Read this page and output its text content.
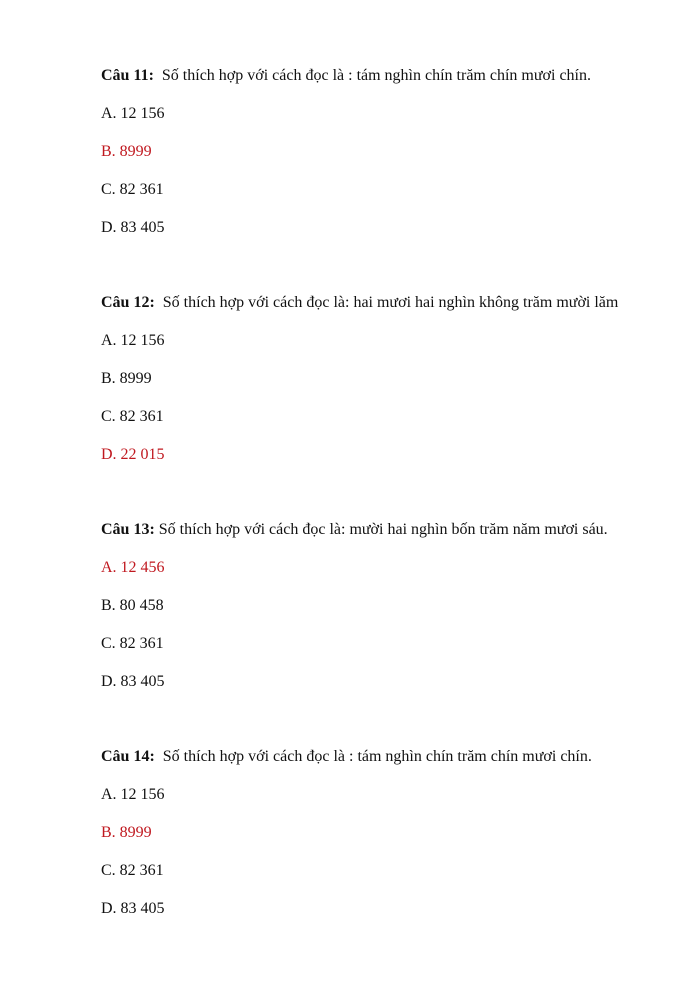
Câu 11: Số thích hợp với cách đọc là : tám nghìn chín trăm chín mươi chín.
A. 12 156
B. 8999
C. 82 361
D. 83 405
Câu 12: Số thích hợp với cách đọc là: hai mươi hai nghìn không trăm mười lăm
A. 12 156
B. 8999
C. 82 361
D. 22 015
Câu 13: Số thích hợp với cách đọc là: mười hai nghìn bốn trăm năm mươi sáu.
A. 12 456
B. 80 458
C. 82 361
D. 83 405
Câu 14: Số thích hợp với cách đọc là : tám nghìn chín trăm chín mươi chín.
A. 12 156
B. 8999
C. 82 361
D. 83 405
